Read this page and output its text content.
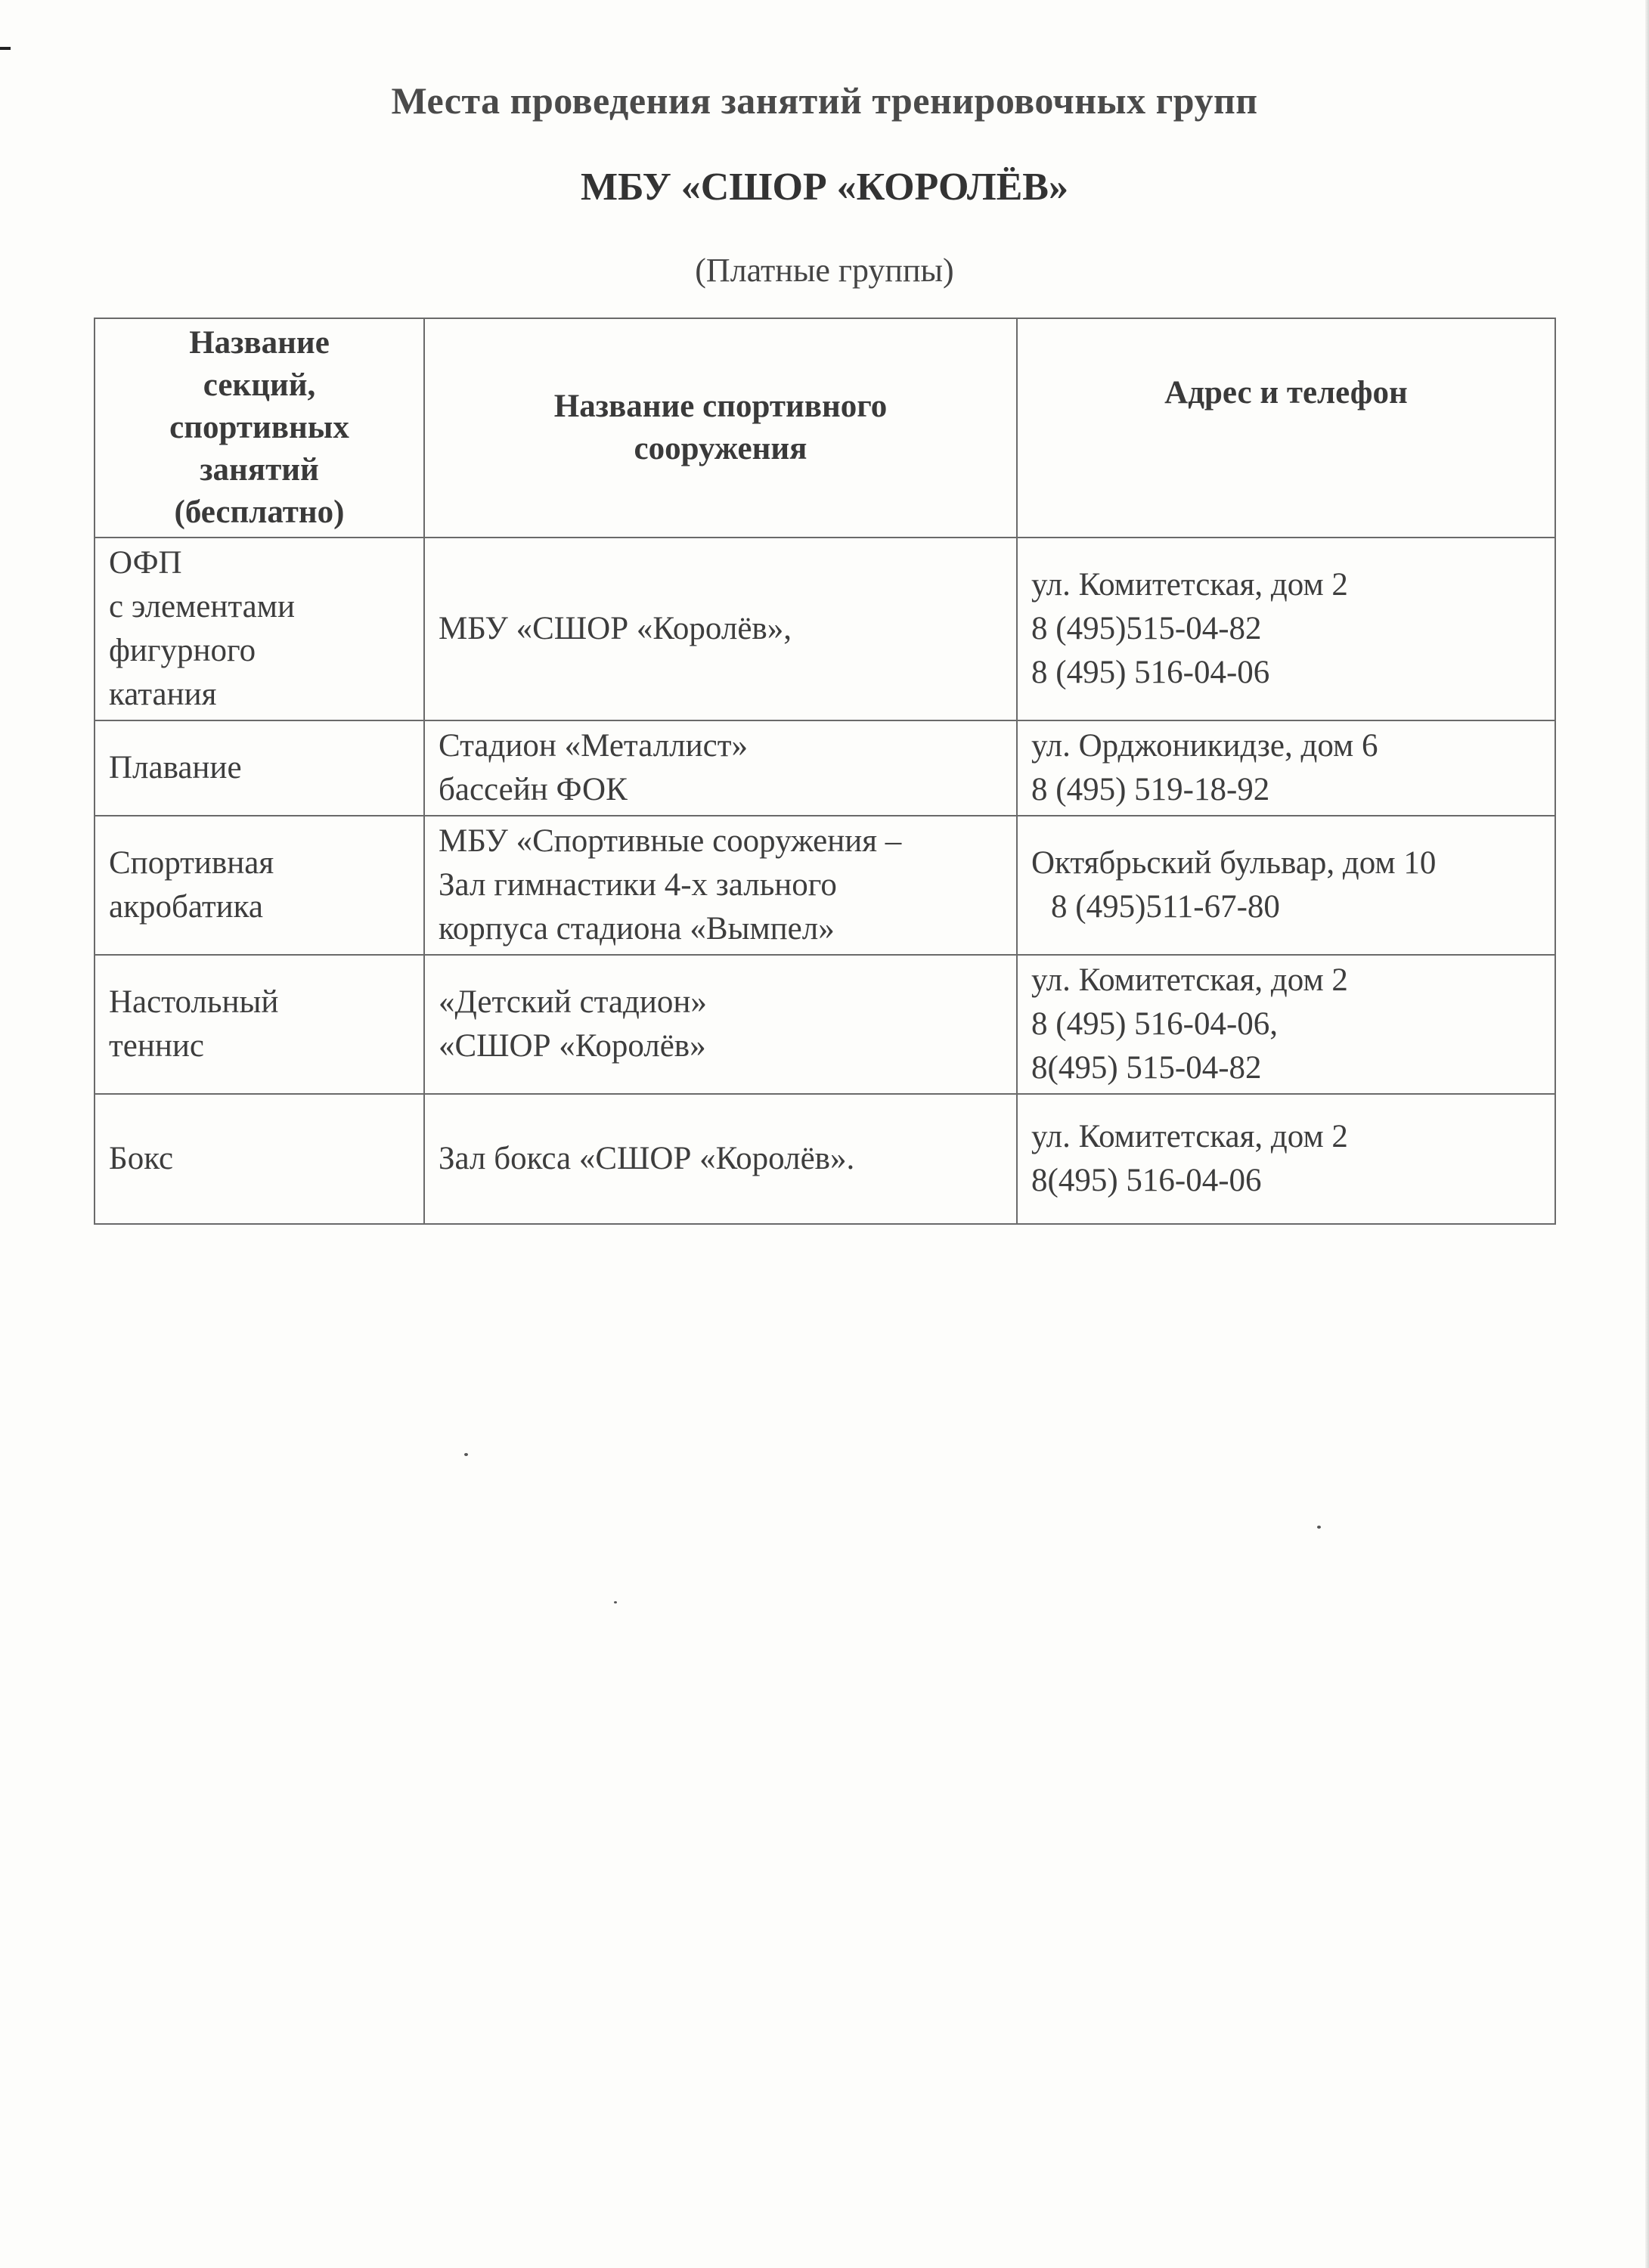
Места проведения занятий тренировочных групп
МБУ «СШОР «КОРОЛЁВ»

(Платные группы)

Название
секций,
спортивных
занятий
(бесплатно)	Название спортивного
сооружения	Адрес и телефон

ОФП
с элементами
фигурного
катания	МБУ «СШОР «Королёв»,	ул. Комитетская, дом 2
8 (495)515-04-82
8 (495) 516-04-06

Плавание	Стадион «Металлист»
бассейн ФОК	ул. Орджоникидзе, дом 6
8 (495) 519-18-92

Спортивная
акробатика	МБУ «Спортивные сооружения –
Зал гимнастики 4-х зального
корпуса стадиона «Вымпел»	Октябрьский бульвар, дом 10
8 (495)511-67-80

Настольный
теннис	«Детский стадион»
«СШОР «Королёв»	ул. Комитетская, дом 2
8 (495) 516-04-06,
8(495) 515-04-82

Бокс	Зал бокса «СШОР «Королёв».	ул. Комитетская, дом 2
8(495) 516-04-06
